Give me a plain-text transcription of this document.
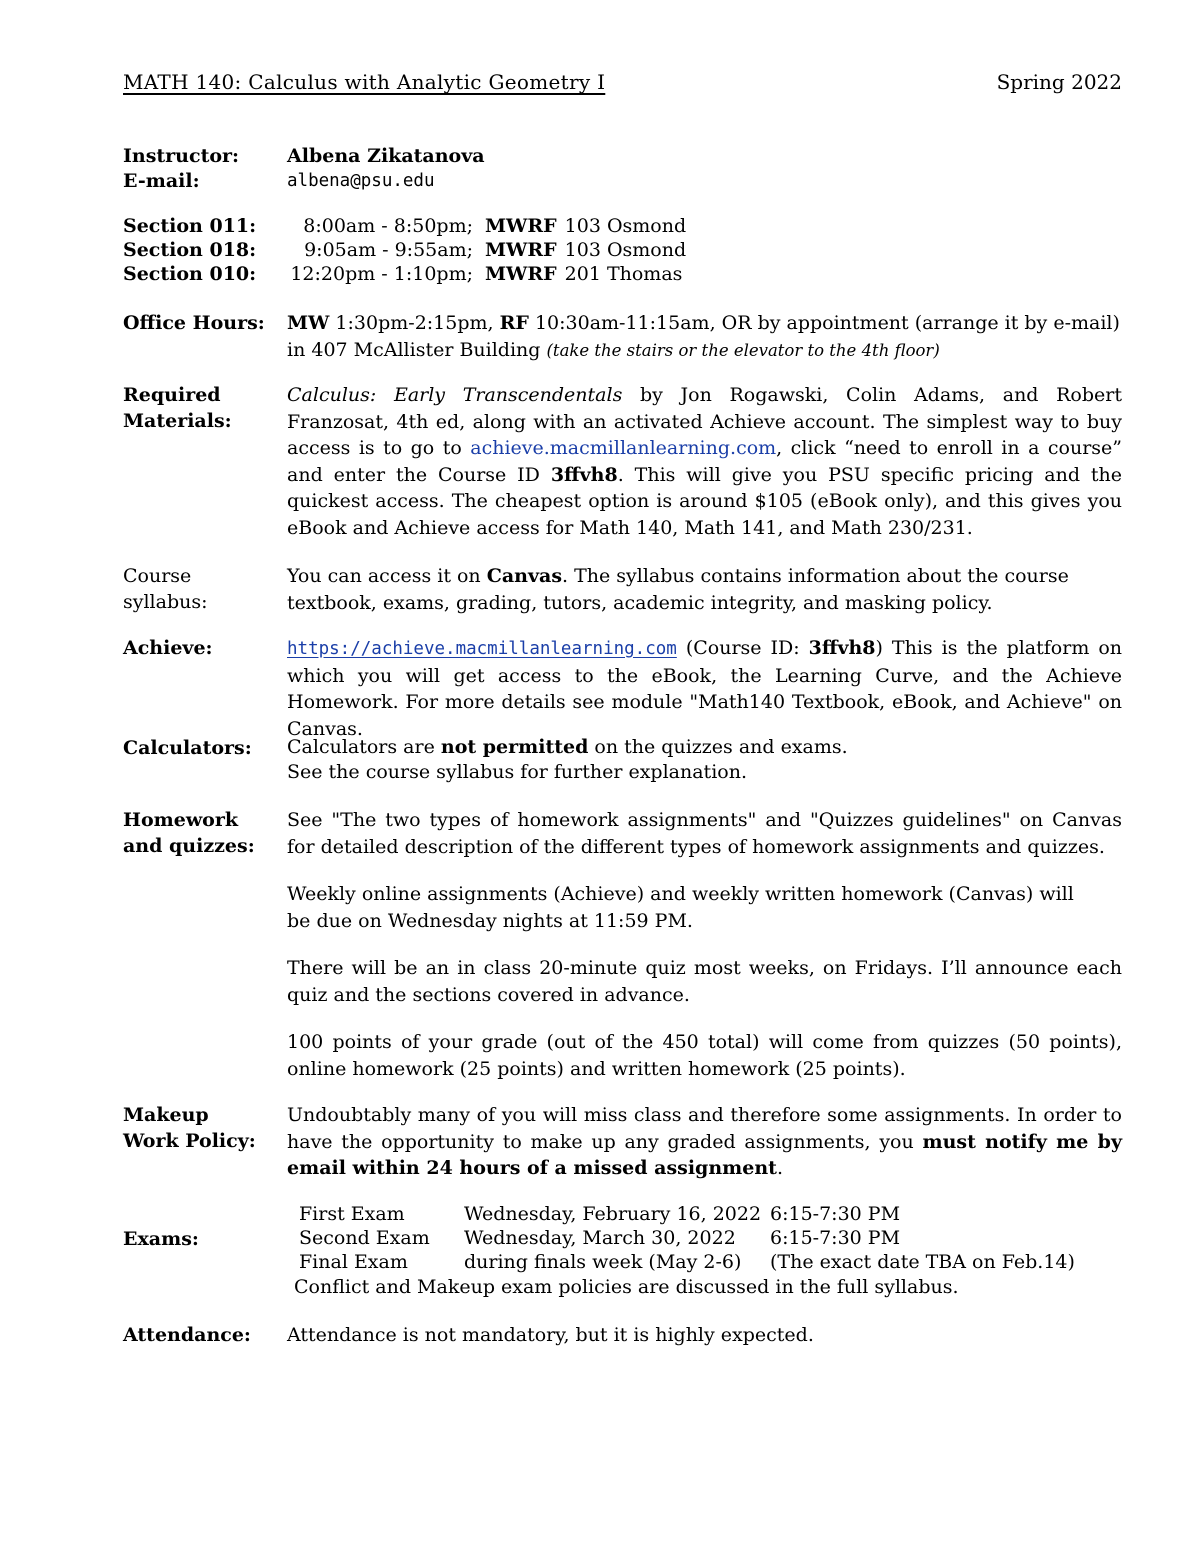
MATH 140: Calculus with Analytic Geometry I	Spring 2022
Instructor:	Albena Zikatanova
E-mail:	albena@psu.edu
Section 011:	8:00am - 8:50pm;	MWRF	103 Osmond
Section 018:	9:05am - 9:55am;	MWRF	103 Osmond
Section 010:	12:20pm - 1:10pm;	MWRF	201 Thomas
Office Hours:	MW 1:30pm-2:15pm, RF 10:30am-11:15am, OR by appointment (arrange it by e-mail)
in 407 McAllister Building (take the stairs or the elevator to the 4th floor)
Required
Materials:

Calculus: Early Transcendentals by Jon Rogawski, Colin Adams, and Robert Franzosat, 4th ed, along with an activated Achieve account. The simplest way to buy access is to go to achieve.macmillanlearning.com, click “need to enroll in a course” and enter the Course ID 3ffvh8. This will give you PSU specific pricing and the quickest access. The cheapest option is around $105 (eBook only), and this gives you eBook and Achieve access for Math 140, Math 141, and Math 230/231.

Course
syllabus:

You can access it on Canvas. The syllabus contains information about the course textbook, exams, grading, tutors, academic integrity, and masking policy.

Achieve:	https://achieve.macmillanlearning.com (Course ID: 3ffvh8) This is the platform on which you will get access to the eBook, the Learning Curve, and the Achieve Homework. For more details see module "Math140 Textbook, eBook, and Achieve" on Canvas.

Calculators:	Calculators are not permitted on the quizzes and exams.
See the course syllabus for further explanation.
Homework
and quizzes:

See "The two types of homework assignments" and "Quizzes guidelines" on Canvas for detailed description of the different types of homework assignments and quizzes.

Weekly online assignments (Achieve) and weekly written homework (Canvas) will be due on Wednesday nights at 11:59 PM.

There will be an in class 20-minute quiz most weeks, on Fridays. I’ll announce each quiz and the sections covered in advance.

100 points of your grade (out of the 450 total) will come from quizzes (50 points), online homework (25 points) and written homework (25 points).

Makeup
Work Policy:

Undoubtably many of you will miss class and therefore some assignments. In order to have the opportunity to make up any graded assignments, you must notify me by email within 24 hours of a missed assignment.

Exams:
First Exam	Wednesday, February 16, 2022	6:15-7:30 PM
Second Exam	Wednesday, March 30, 2022	6:15-7:30 PM
Final Exam	during finals week (May 2-6)	(The exact date TBA on Feb.14)
Conflict and Makeup exam policies are discussed in the full syllabus.
Attendance:	Attendance is not mandatory, but it is highly expected.
